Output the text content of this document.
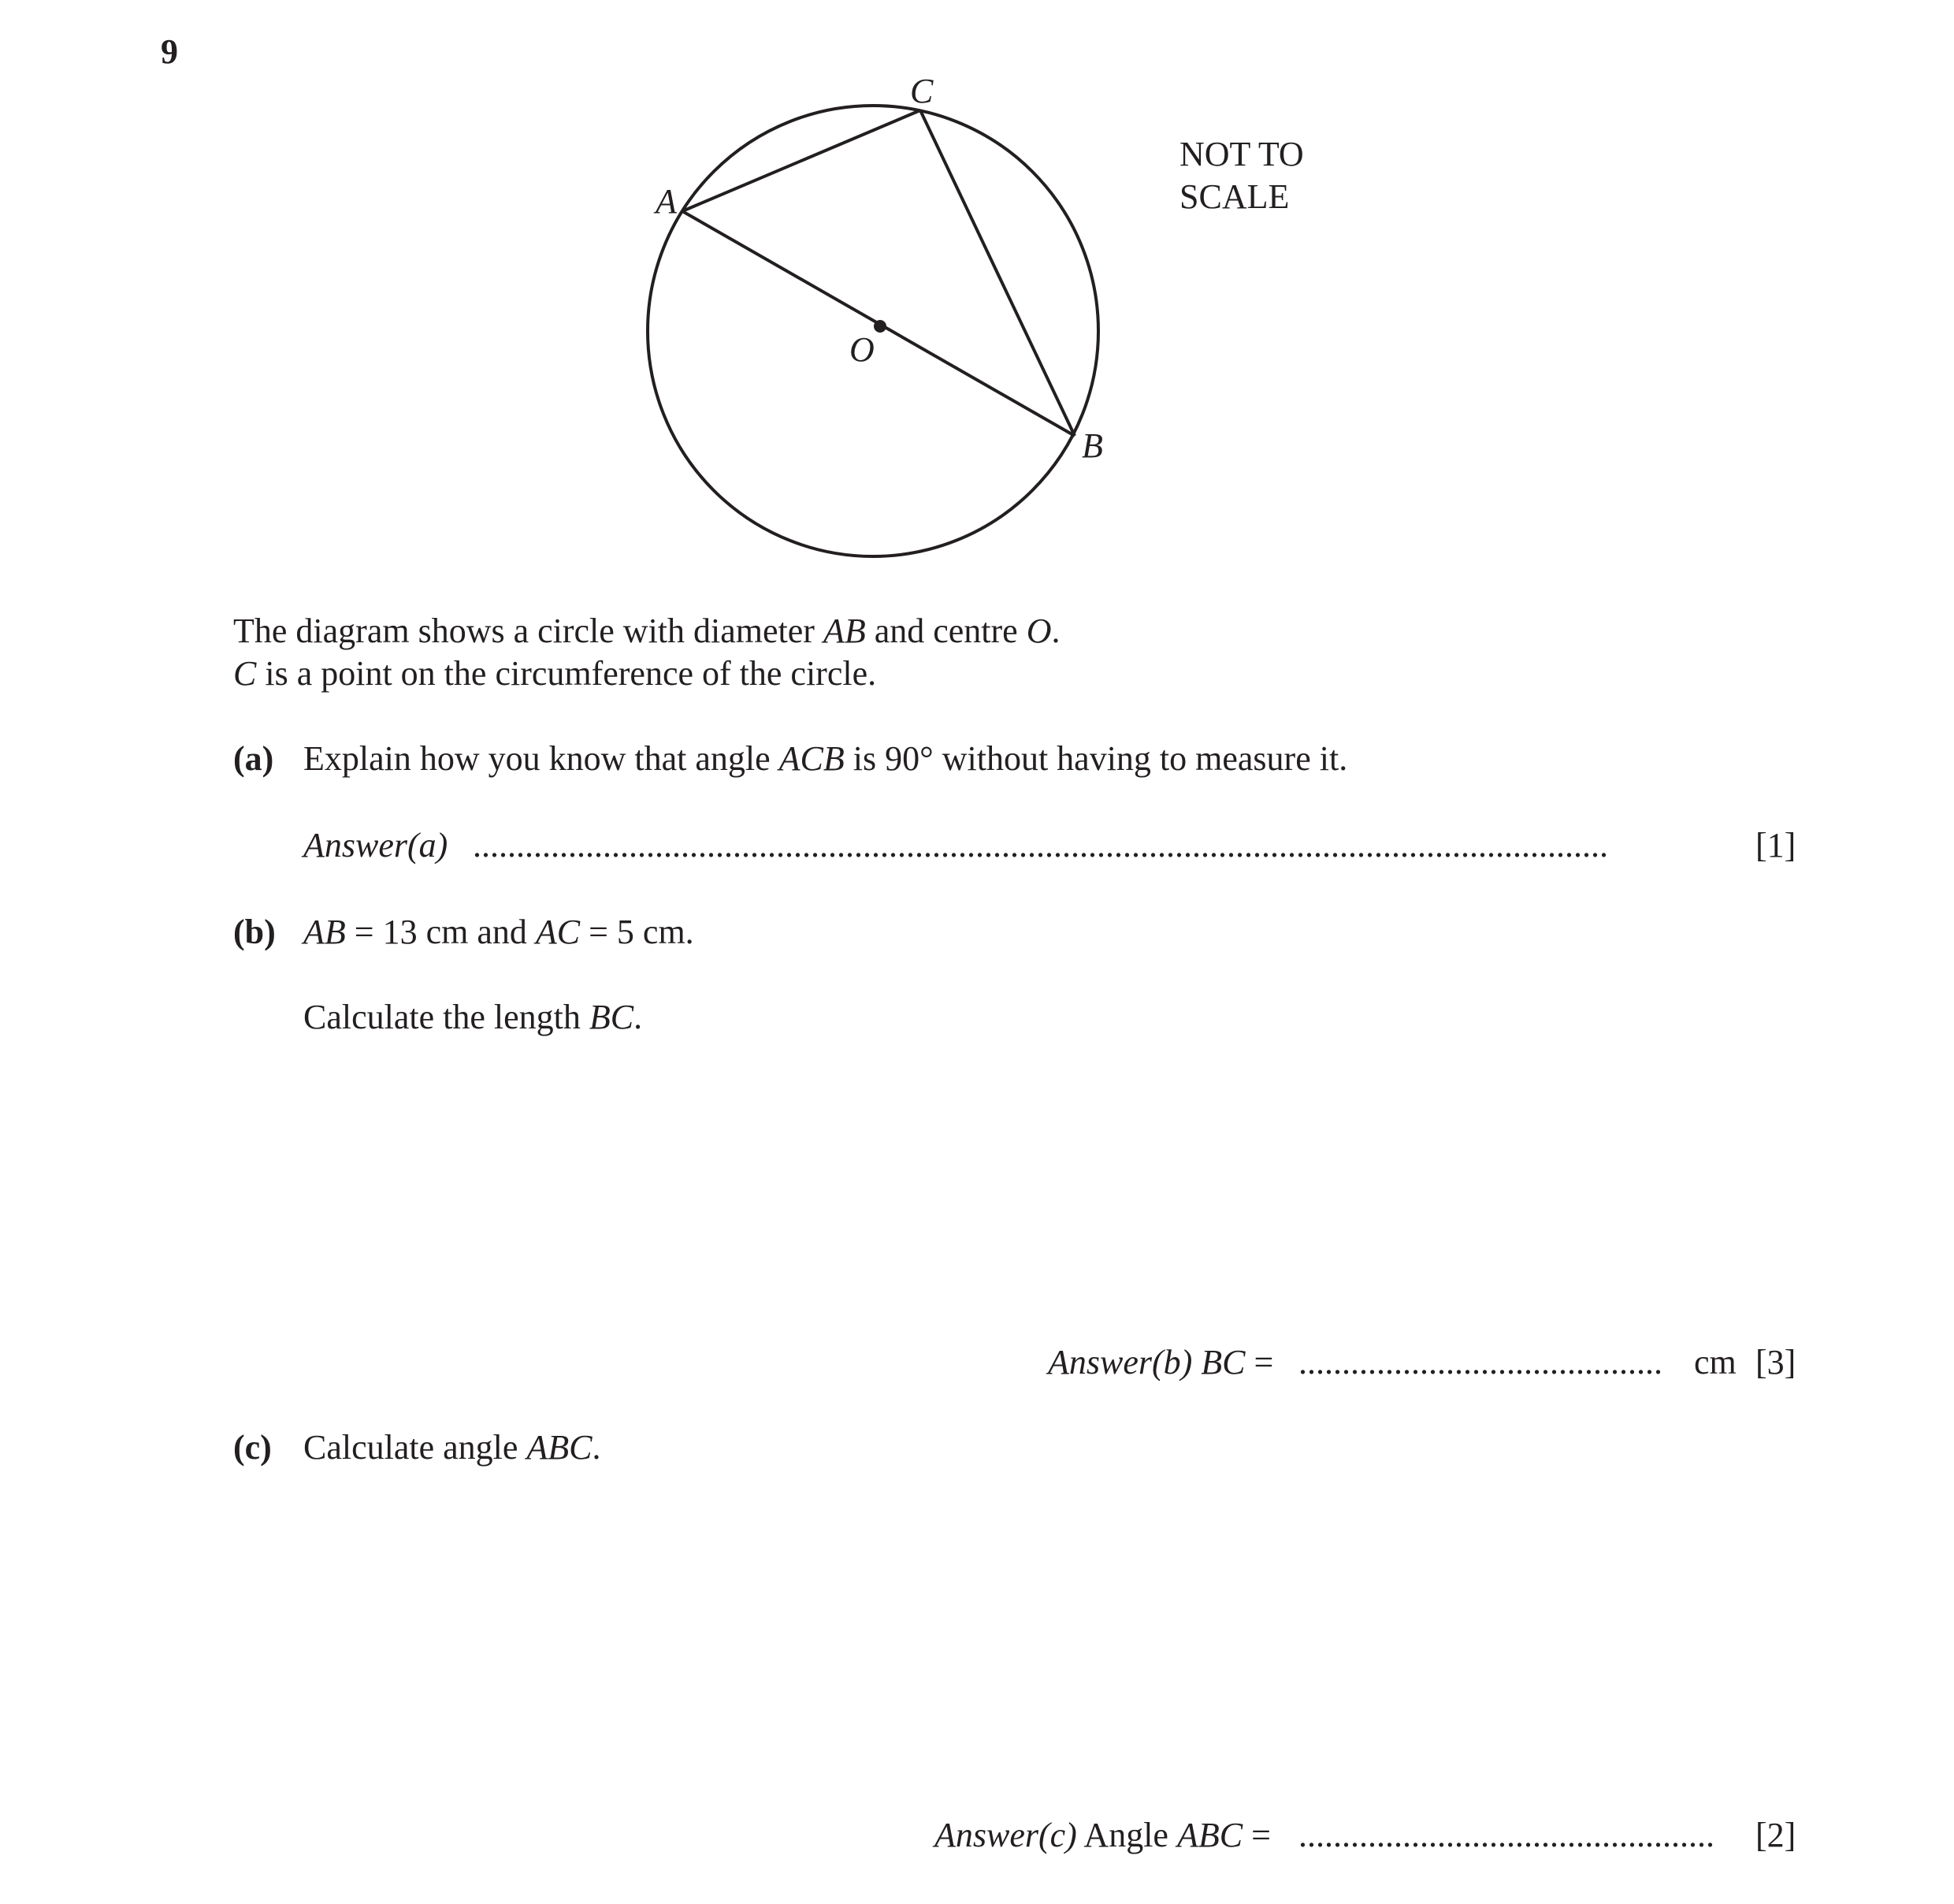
9
A
C
B
O
NOT TO
SCALE
The diagram shows a circle with diameter AB and centre O.
C is a point on the circumference of the circle.
(a) Explain how you know that angle ACB is 90° without having to measure it.
Answer(a) ...................................................................................................................................	[1]
(b) AB = 13 cm and AC = 5 cm.
Calculate the length BC.
Answer(b) BC = .......................................... cm [3]
(c) Calculate angle ABC.
Answer(c) Angle ABC = ................................................	[2]
